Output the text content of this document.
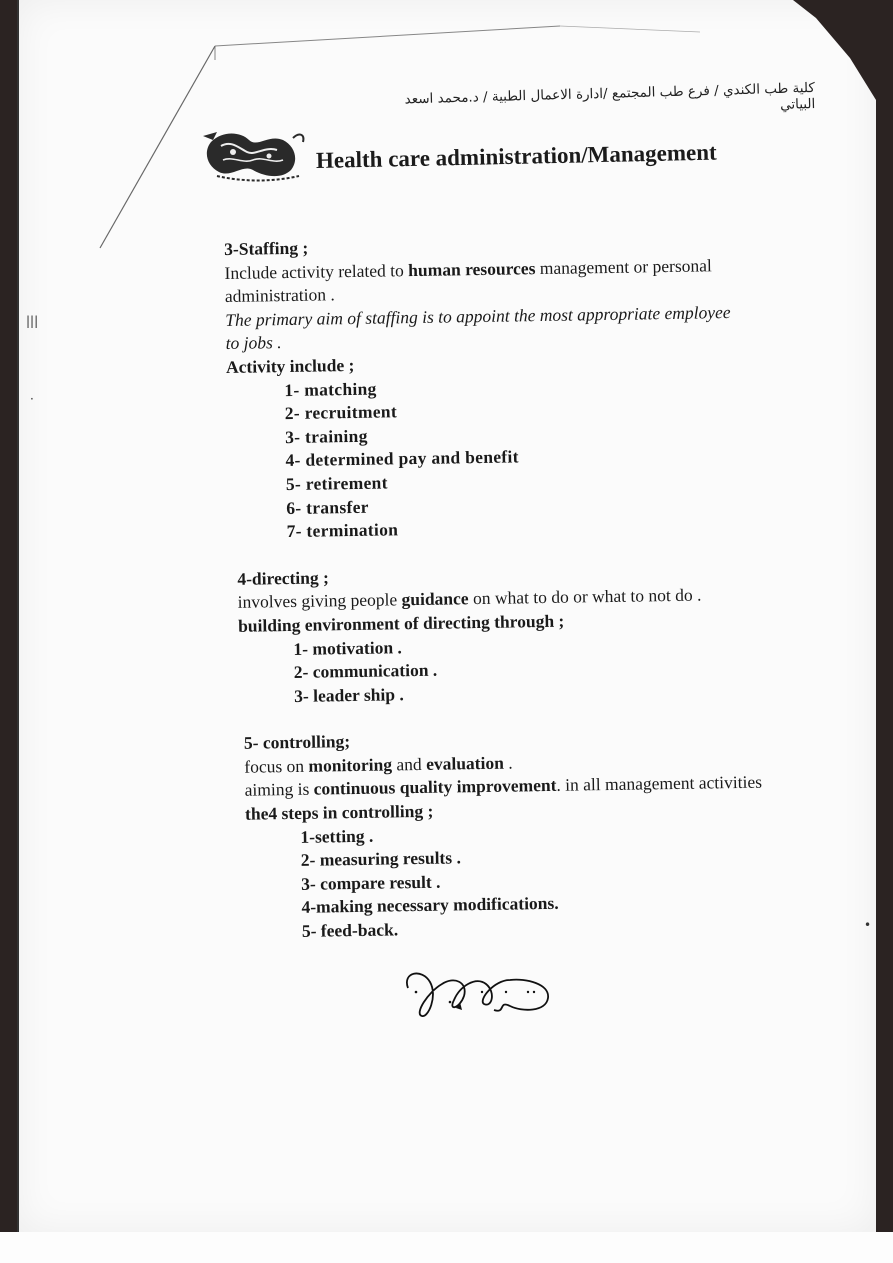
|||
·
•
كلية طب الكندي / فرع طب المجتمع /ادارة الاعمال الطبية / د.محمد اسعد البياتي
Health care administration/Management

3-Staffing ;

Include activity related to human resources management or personal

administration .

The primary aim of staffing is to appoint the most appropriate employee

to jobs .

Activity include ;

1- matching

2- recruitment

3- training

4- determined pay and benefit

5- retirement

6- transfer

7- termination

4-directing ;

involves giving people guidance on what to do or what to not do .

building environment of directing through ;

1- motivation .

2- communication .

3- leader ship .

5- controlling;

focus on monitoring and evaluation .

aiming is continuous quality improvement. in all management activities

the4 steps in controlling ;

1-setting .

2- measuring results .

3- compare result .

4-making necessary modifications.

5- feed-back.
